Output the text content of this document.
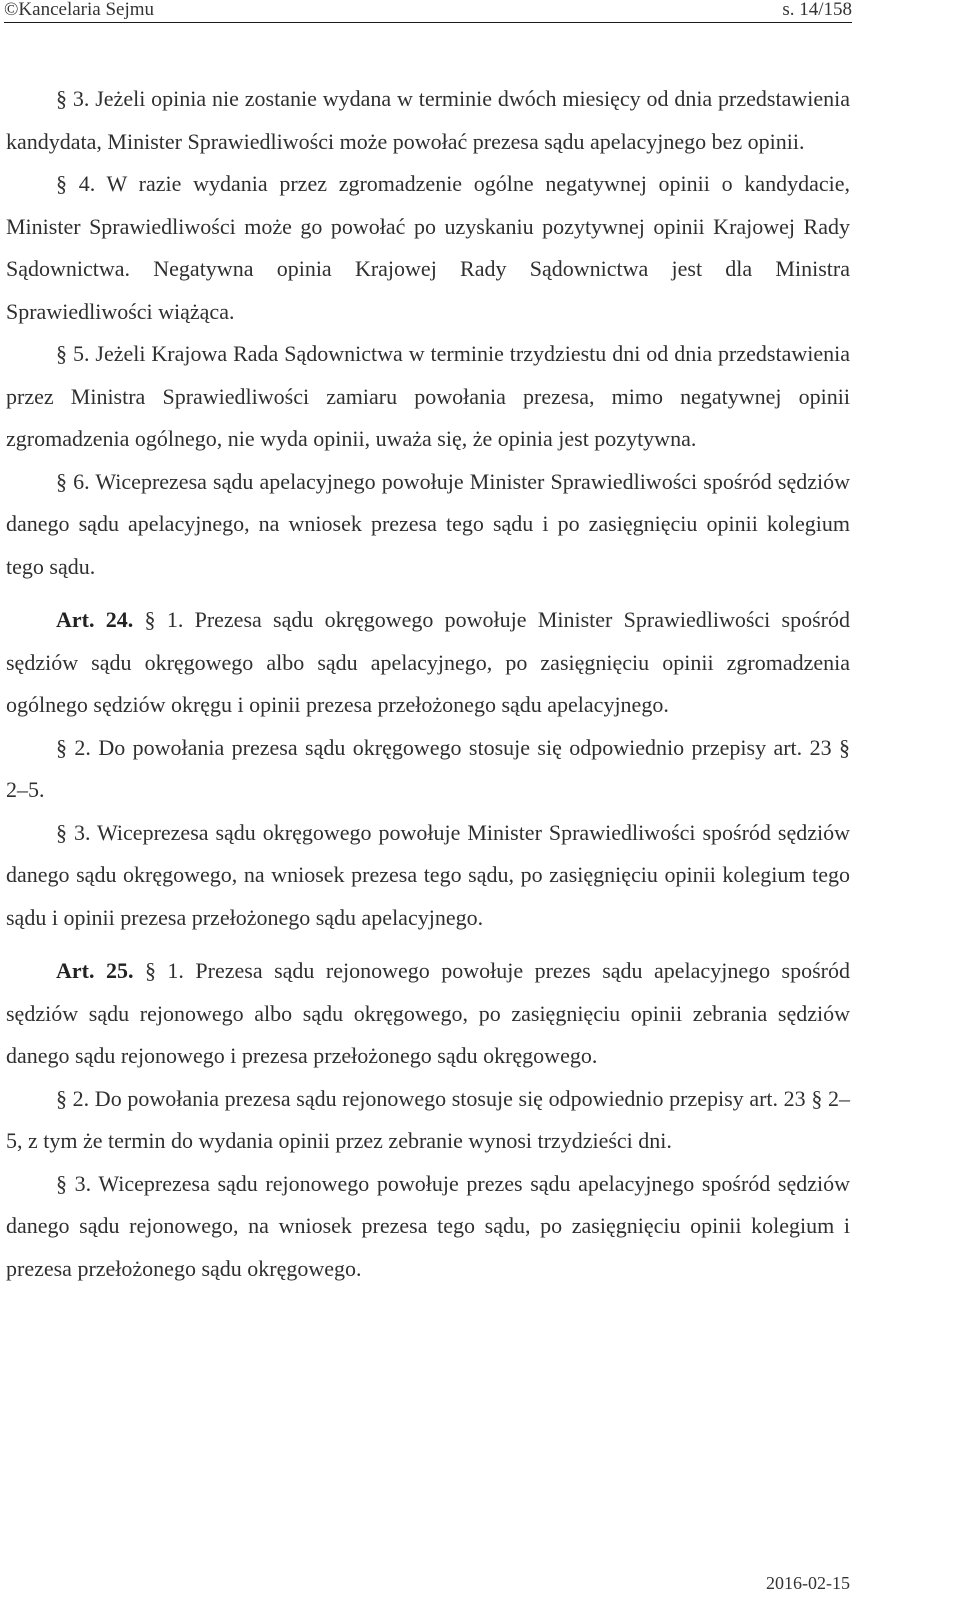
©Kancelaria Sejmu	s. 14/158

§ 3. Jeżeli opinia nie zostanie wydana w terminie dwóch miesięcy od dnia przedstawienia kandydata, Minister Sprawiedliwości może powołać prezesa sądu apelacyjnego bez opinii.

§ 4. W razie wydania przez zgromadzenie ogólne negatywnej opinii o kandydacie, Minister Sprawiedliwości może go powołać po uzyskaniu pozytywnej opinii Krajowej Rady Sądownictwa. Negatywna opinia Krajowej Rady Sądownictwa jest dla Ministra Sprawiedliwości wiążąca.

§ 5. Jeżeli Krajowa Rada Sądownictwa w terminie trzydziestu dni od dnia przedstawienia przez Ministra Sprawiedliwości zamiaru powołania prezesa, mimo negatywnej opinii zgromadzenia ogólnego, nie wyda opinii, uważa się, że opinia jest pozytywna.

§ 6. Wiceprezesa sądu apelacyjnego powołuje Minister Sprawiedliwości spośród sędziów danego sądu apelacyjnego, na wniosek prezesa tego sądu i po zasięgnięciu opinii kolegium tego sądu.

Art. 24. § 1. Prezesa sądu okręgowego powołuje Minister Sprawiedliwości spośród sędziów sądu okręgowego albo sądu apelacyjnego, po zasięgnięciu opinii zgromadzenia ogólnego sędziów okręgu i opinii prezesa przełożonego sądu apelacyjnego.

§ 2. Do powołania prezesa sądu okręgowego stosuje się odpowiednio przepisy art. 23 § 2–5.

§ 3. Wiceprezesa sądu okręgowego powołuje Minister Sprawiedliwości spośród sędziów danego sądu okręgowego, na wniosek prezesa tego sądu, po zasięgnięciu opinii kolegium tego sądu i opinii prezesa przełożonego sądu apelacyjnego.

Art. 25. § 1. Prezesa sądu rejonowego powołuje prezes sądu apelacyjnego spośród sędziów sądu rejonowego albo sądu okręgowego, po zasięgnięciu opinii zebrania sędziów danego sądu rejonowego i prezesa przełożonego sądu okręgowego.

§ 2. Do powołania prezesa sądu rejonowego stosuje się odpowiednio przepisy art. 23 § 2–5, z tym że termin do wydania opinii przez zebranie wynosi trzydzieści dni.

§ 3. Wiceprezesa sądu rejonowego powołuje prezes sądu apelacyjnego spośród sędziów danego sądu rejonowego, na wniosek prezesa tego sądu, po zasięgnięciu opinii kolegium i prezesa przełożonego sądu okręgowego.

2016-02-15
